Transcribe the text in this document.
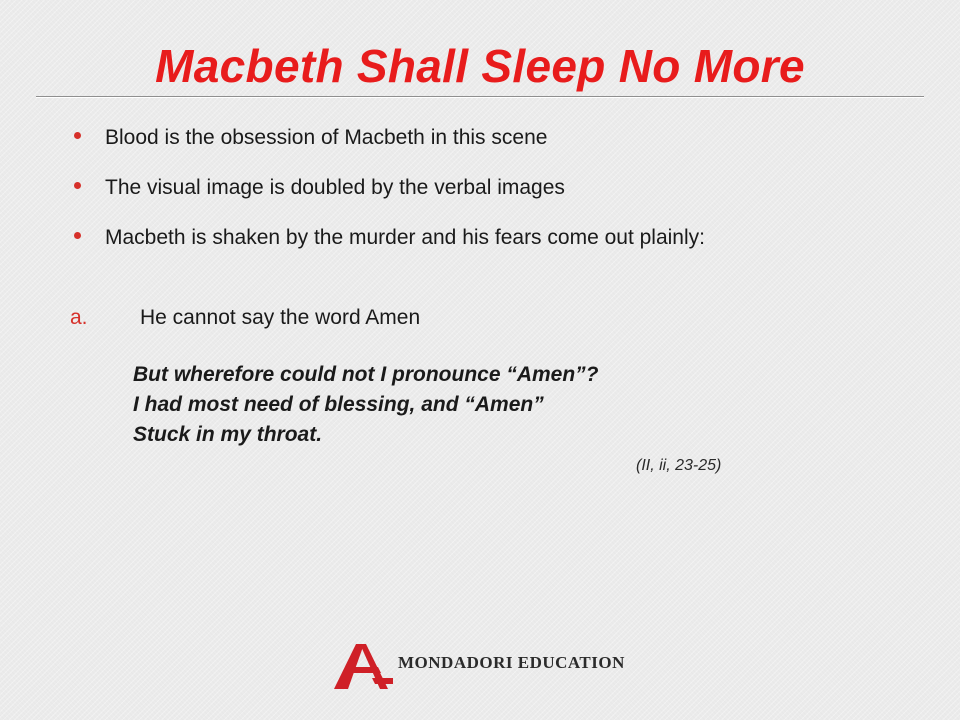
Macbeth Shall Sleep No More
Blood is the obsession of Macbeth in this scene
The visual image is doubled by the verbal images
Macbeth is shaken by the murder and his fears come out plainly:
a. He cannot say the word Amen
But wherefore could not I pronounce “Amen”?
I had most need of blessing, and “Amen”
Stuck in my throat.
(II, ii, 23-25)
MONDADORI EDUCATION
